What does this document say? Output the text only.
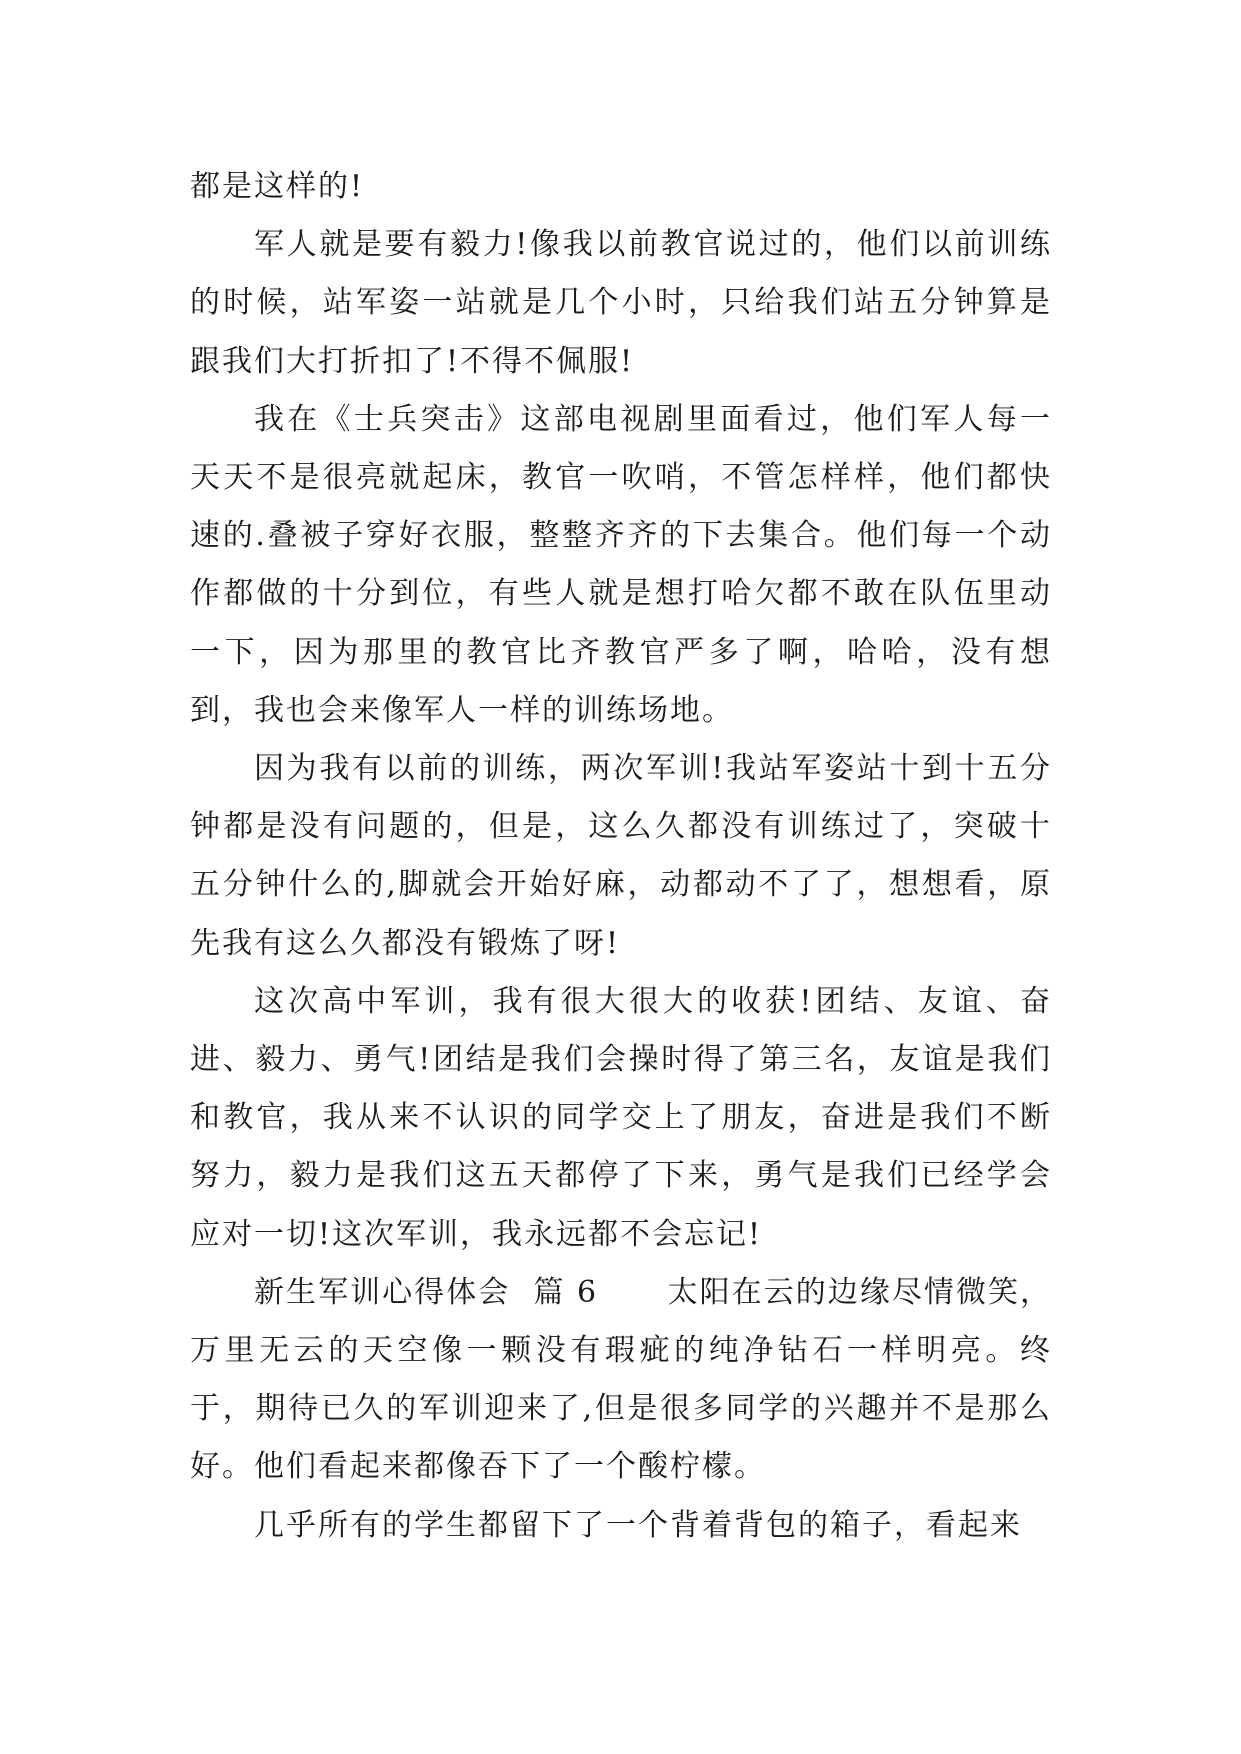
都是这样的!

军人就是要有毅力!像我以前教官说过的，他们以前训练的时候，站军姿一站就是几个小时，只给我们站五分钟算是跟我们大打折扣了!不得不佩服!

我在《士兵突击》这部电视剧里面看过，他们军人每一天天不是很亮就起床，教官一吹哨，不管怎样样，他们都快速的.叠被子穿好衣服，整整齐齐的下去集合。他们每一个动作都做的十分到位，有些人就是想打哈欠都不敢在队伍里动一下，因为那里的教官比齐教官严多了啊，哈哈，没有想到，我也会来像军人一样的训练场地。

因为我有以前的训练，两次军训!我站军姿站十到十五分钟都是没有问题的，但是，这么久都没有训练过了，突破十五分钟什么的,脚就会开始好麻，动都动不了了，想想看，原先我有这么久都没有锻炼了呀!

这次高中军训，我有很大很大的收获!团结、友谊、奋进、毅力、勇气!团结是我们会操时得了第三名，友谊是我们和教官，我从来不认识的同学交上了朋友，奋进是我们不断努力，毅力是我们这五天都停了下来，勇气是我们已经学会应对一切!这次军训，我永远都不会忘记!

新生军训心得体会  篇 6 太阳在云的边缘尽情微笑，万里无云的天空像一颗没有瑕疵的纯净钻石一样明亮。终于，期待已久的军训迎来了,但是很多同学的兴趣并不是那么好。他们看起来都像吞下了一个酸柠檬。

几乎所有的学生都留下了一个背着背包的箱子，看起来
